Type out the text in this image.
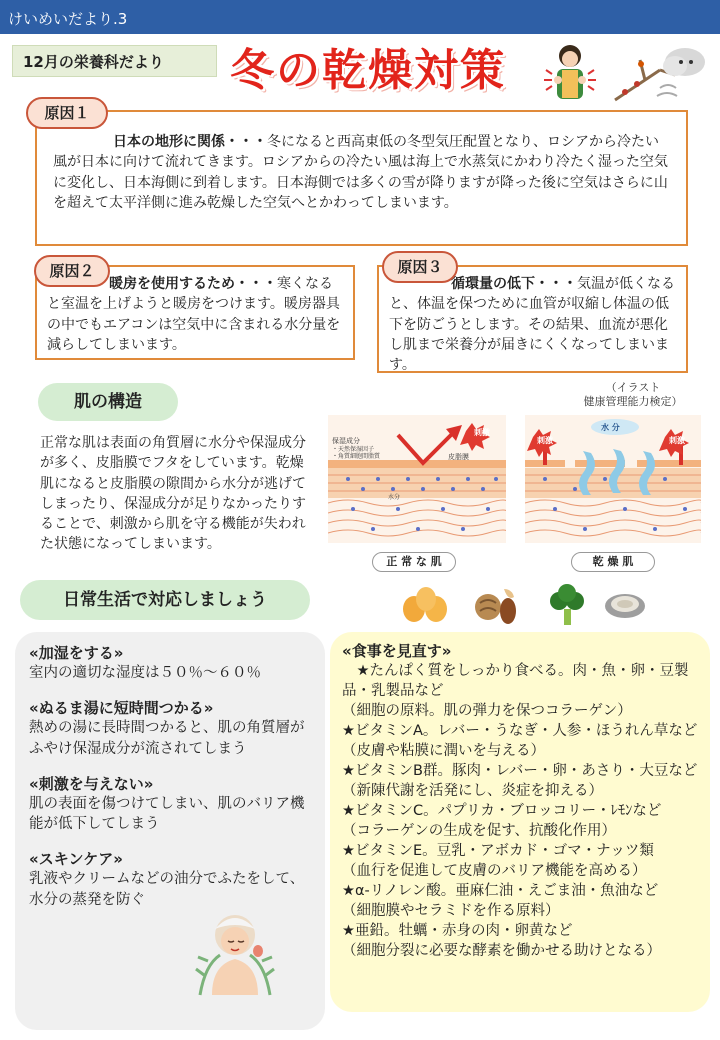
けいめいだより.3
12月の栄養科だより 冬の乾燥対策

日本の地形に関係・・・冬になると西高東低の冬型気圧配置となり、ロシアから冷たい風が日本に向けて流れてきます。ロシアからの冷たい風は海上で水蒸気にかわり冷たく湿った空気に変化し、日本海側に到着します。日本海側では多くの雪が降りますが降った後に空気はさらに山を超えて太平洋側に進み乾燥した空気へとかわってしまいます。

原因１

暖房を使用するため・・・寒くなると室温を上げようと暖房をつけます。暖房器具の中でもエアコンは空気中に含まれる水分量を減らしてしまいます。

原因２

循環量の低下・・・気温が低くなると、体温を保つために血管が収縮し体温の低下を防ごうとします。その結果、血流が悪化し肌まで栄養分が届きにくくなってしまいます。

原因３
肌の構造
正常な肌は表面の角質層に水分や保湿成分が多く、皮脂膜でフタをしています。乾燥肌になると皮脂膜の隙間から水分が逃げてしまったり、保湿成分が足りなかったりすることで、刺激から肌を守る機能が失われた状態になってしまいます。
（イラスト
健康管理能力検定）
刺激
保湿成分
・天然保湿因子
・角質細胞間脂質	皮脂膜
水分
刺激	刺激
水 分
正 常 な 肌	乾 燥 肌
日常生活で対応しましょう
«加湿をする»
室内の適切な湿度は５０％～６０％
«ぬるま湯に短時間つかる»
熱めの湯に長時間つかると、肌の角質層がふやけ保湿成分が流されてしまう
«刺激を与えない»
肌の表面を傷つけてしまい、肌のバリア機能が低下してしまう
«スキンケア»
乳液やクリームなどの油分でふたをして、水分の蒸発を防ぐ
«食事を見直す»
　★たんぱく質をしっかり食べる。肉・魚・卵・豆製品・乳製品など
（細胞の原料。肌の弾力を保つコラーゲン）
★ビタミンA。レバー・うなぎ・人参・ほうれん草など
（皮膚や粘膜に潤いを与える）
★ビタミンB群。豚肉・レバー・卵・あさり・大豆など
（新陳代謝を活発にし、炎症を抑える）
★ビタミンC。パプリカ・ブロッコリー・ﾚﾓﾝなど
（コラーゲンの生成を促す、抗酸化作用）
★ビタミンE。豆乳・アボカド・ゴマ・ナッツ類
（血行を促進して皮膚のバリア機能を高める）
★α-リノレン酸。亜麻仁油・えごま油・魚油など
（細胞膜やセラミドを作る原料）
★亜鉛。牡蠣・赤身の肉・卵黄など
（細胞分裂に必要な酵素を働かせる助けとなる）
